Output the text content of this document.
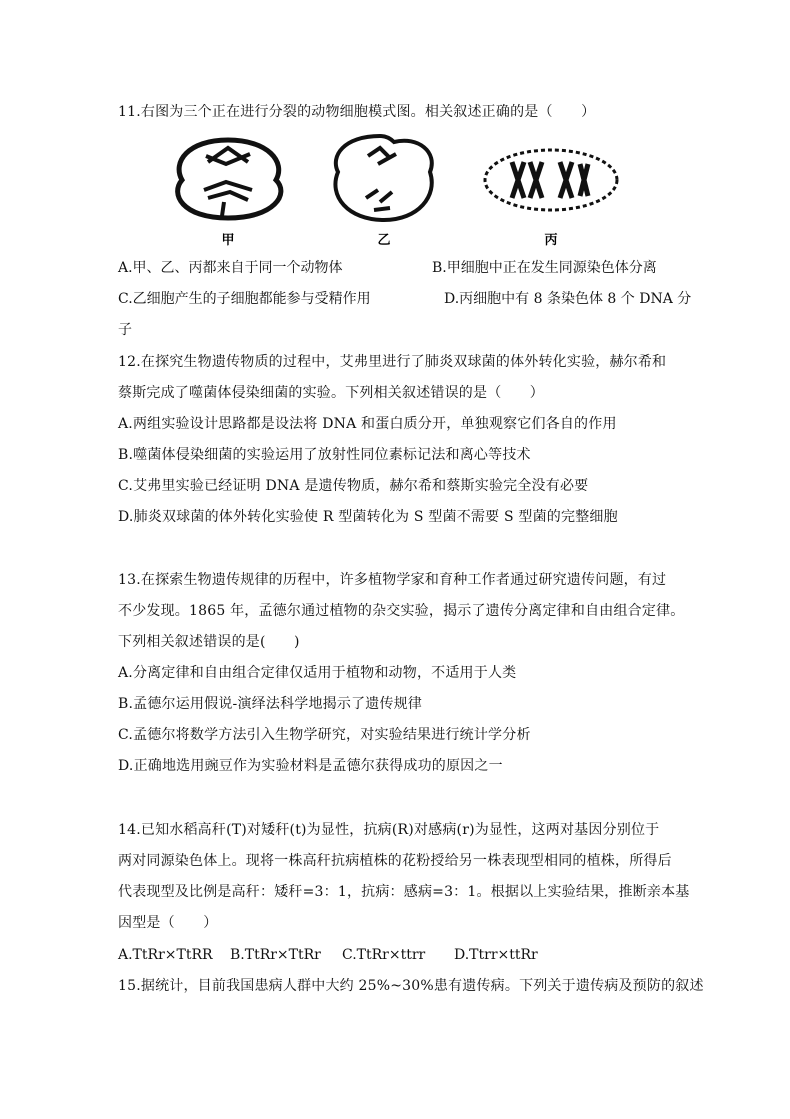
11.右图为三个正在进行分裂的动物细胞模式图。相关叙述正确的是（　　）
甲	乙	丙
A.甲、乙、丙都来自于同一个动物体	B.甲细胞中正在发生同源染色体分离
C.乙细胞产生的子细胞都能参与受精作用	D.丙细胞中有 8 条染色体 8 个 DNA 分
子
12.在探究生物遗传物质的过程中，艾弗里进行了肺炎双球菌的体外转化实验，赫尔希和
蔡斯完成了噬菌体侵染细菌的实验。下列相关叙述错误的是（　　）
A.两组实验设计思路都是设法将 DNA 和蛋白质分开，单独观察它们各自的作用
B.噬菌体侵染细菌的实验运用了放射性同位素标记法和离心等技术
C.艾弗里实验已经证明 DNA 是遗传物质，赫尔希和蔡斯实验完全没有必要
D.肺炎双球菌的体外转化实验使 R 型菌转化为 S 型菌不需要 S 型菌的完整细胞
13.在探索生物遗传规律的历程中，许多植物学家和育种工作者通过研究遗传问题，有过
不少发现。1865 年，孟德尔通过植物的杂交实验，揭示了遗传分离定律和自由组合定律。
下列相关叙述错误的是(　　)
A.分离定律和自由组合定律仅适用于植物和动物，不适用于人类
B.孟德尔运用假说-演绎法科学地揭示了遗传规律
C.孟德尔将数学方法引入生物学研究，对实验结果进行统计学分析
D.正确地选用豌豆作为实验材料是孟德尔获得成功的原因之一
14.已知水稻高秆(T)对矮秆(t)为显性，抗病(R)对感病(r)为显性，这两对基因分别位于
两对同源染色体上。现将一株高秆抗病植株的花粉授给另一株表现型相同的植株，所得后
代表现型及比例是高秆：矮秆=3：1，抗病：感病=3：1。根据以上实验结果，推断亲本基
因型是（　　）
A.TtRr×TtRR B.TtRr×TtRr C.TtRr×ttrr D.Ttrr×ttRr
15.据统计，目前我国患病人群中大约 25%~30%患有遗传病。下列关于遗传病及预防的叙述
